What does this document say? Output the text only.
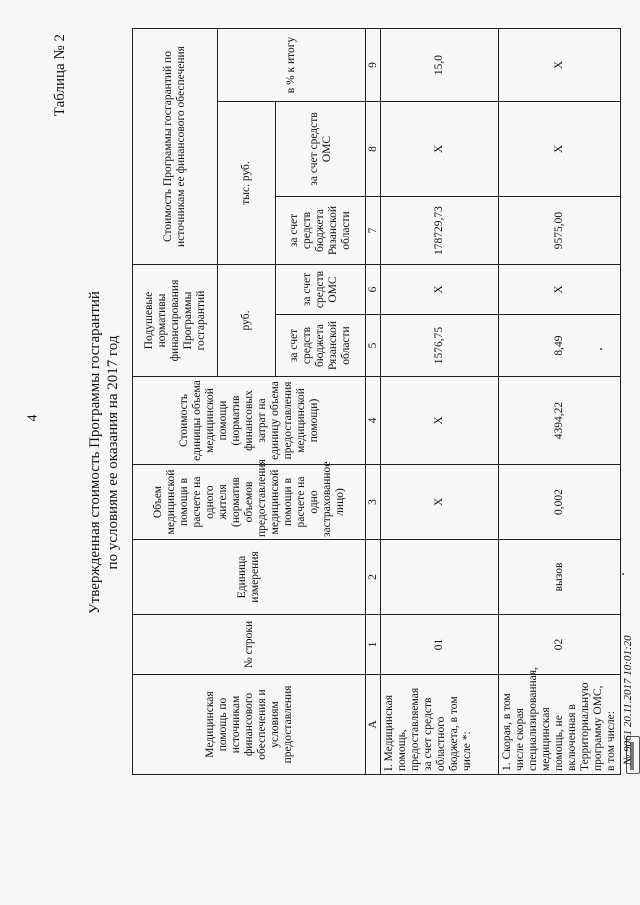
4
Таблица № 2
Утвержденная стоимость Программы госгарантий по условиям ее оказания на 2017 год
Медицинская помощь по источникам финансового обеспечения и условиям предоставления	№ строки	Единица измерения	Объем медицинской помощи в расчете на одного жителя (норматив объемов предоставления медицинской помощи в расчете на одно застрахованное лицо)	Стоимость единицы объема медицинской помощи (норматив финансовых затрат на единицу объема предоставления медицинской помощи)	Подушевые нормативы финансирования Программы госгарантий		Стоимость Программы госгарантий по источникам ее финансового обеспечения		
					руб.		тыс. руб.		в % к итогу
					за счет средств бюджета Рязанской области	за счет средств ОМС	за счет средств бюджета Рязанской области	за счет средств ОМС	
А	1	2	3	4	5	6	7	8	9
I. Медицинская помощь, предоставляемая за счет средств областного бюджета, в том числе *:	01		X	X	1576,75	X	178729,73	X	15,0
1. Скорая, в том числе скорая специализированная, медицинская помощь, не включенная в Территориальную программу ОМС, в том числе:	02	вызов	0,002	4394,22	8,49	X	9575,00	X	X
№ 9061 20.11.2017 10:01:20
